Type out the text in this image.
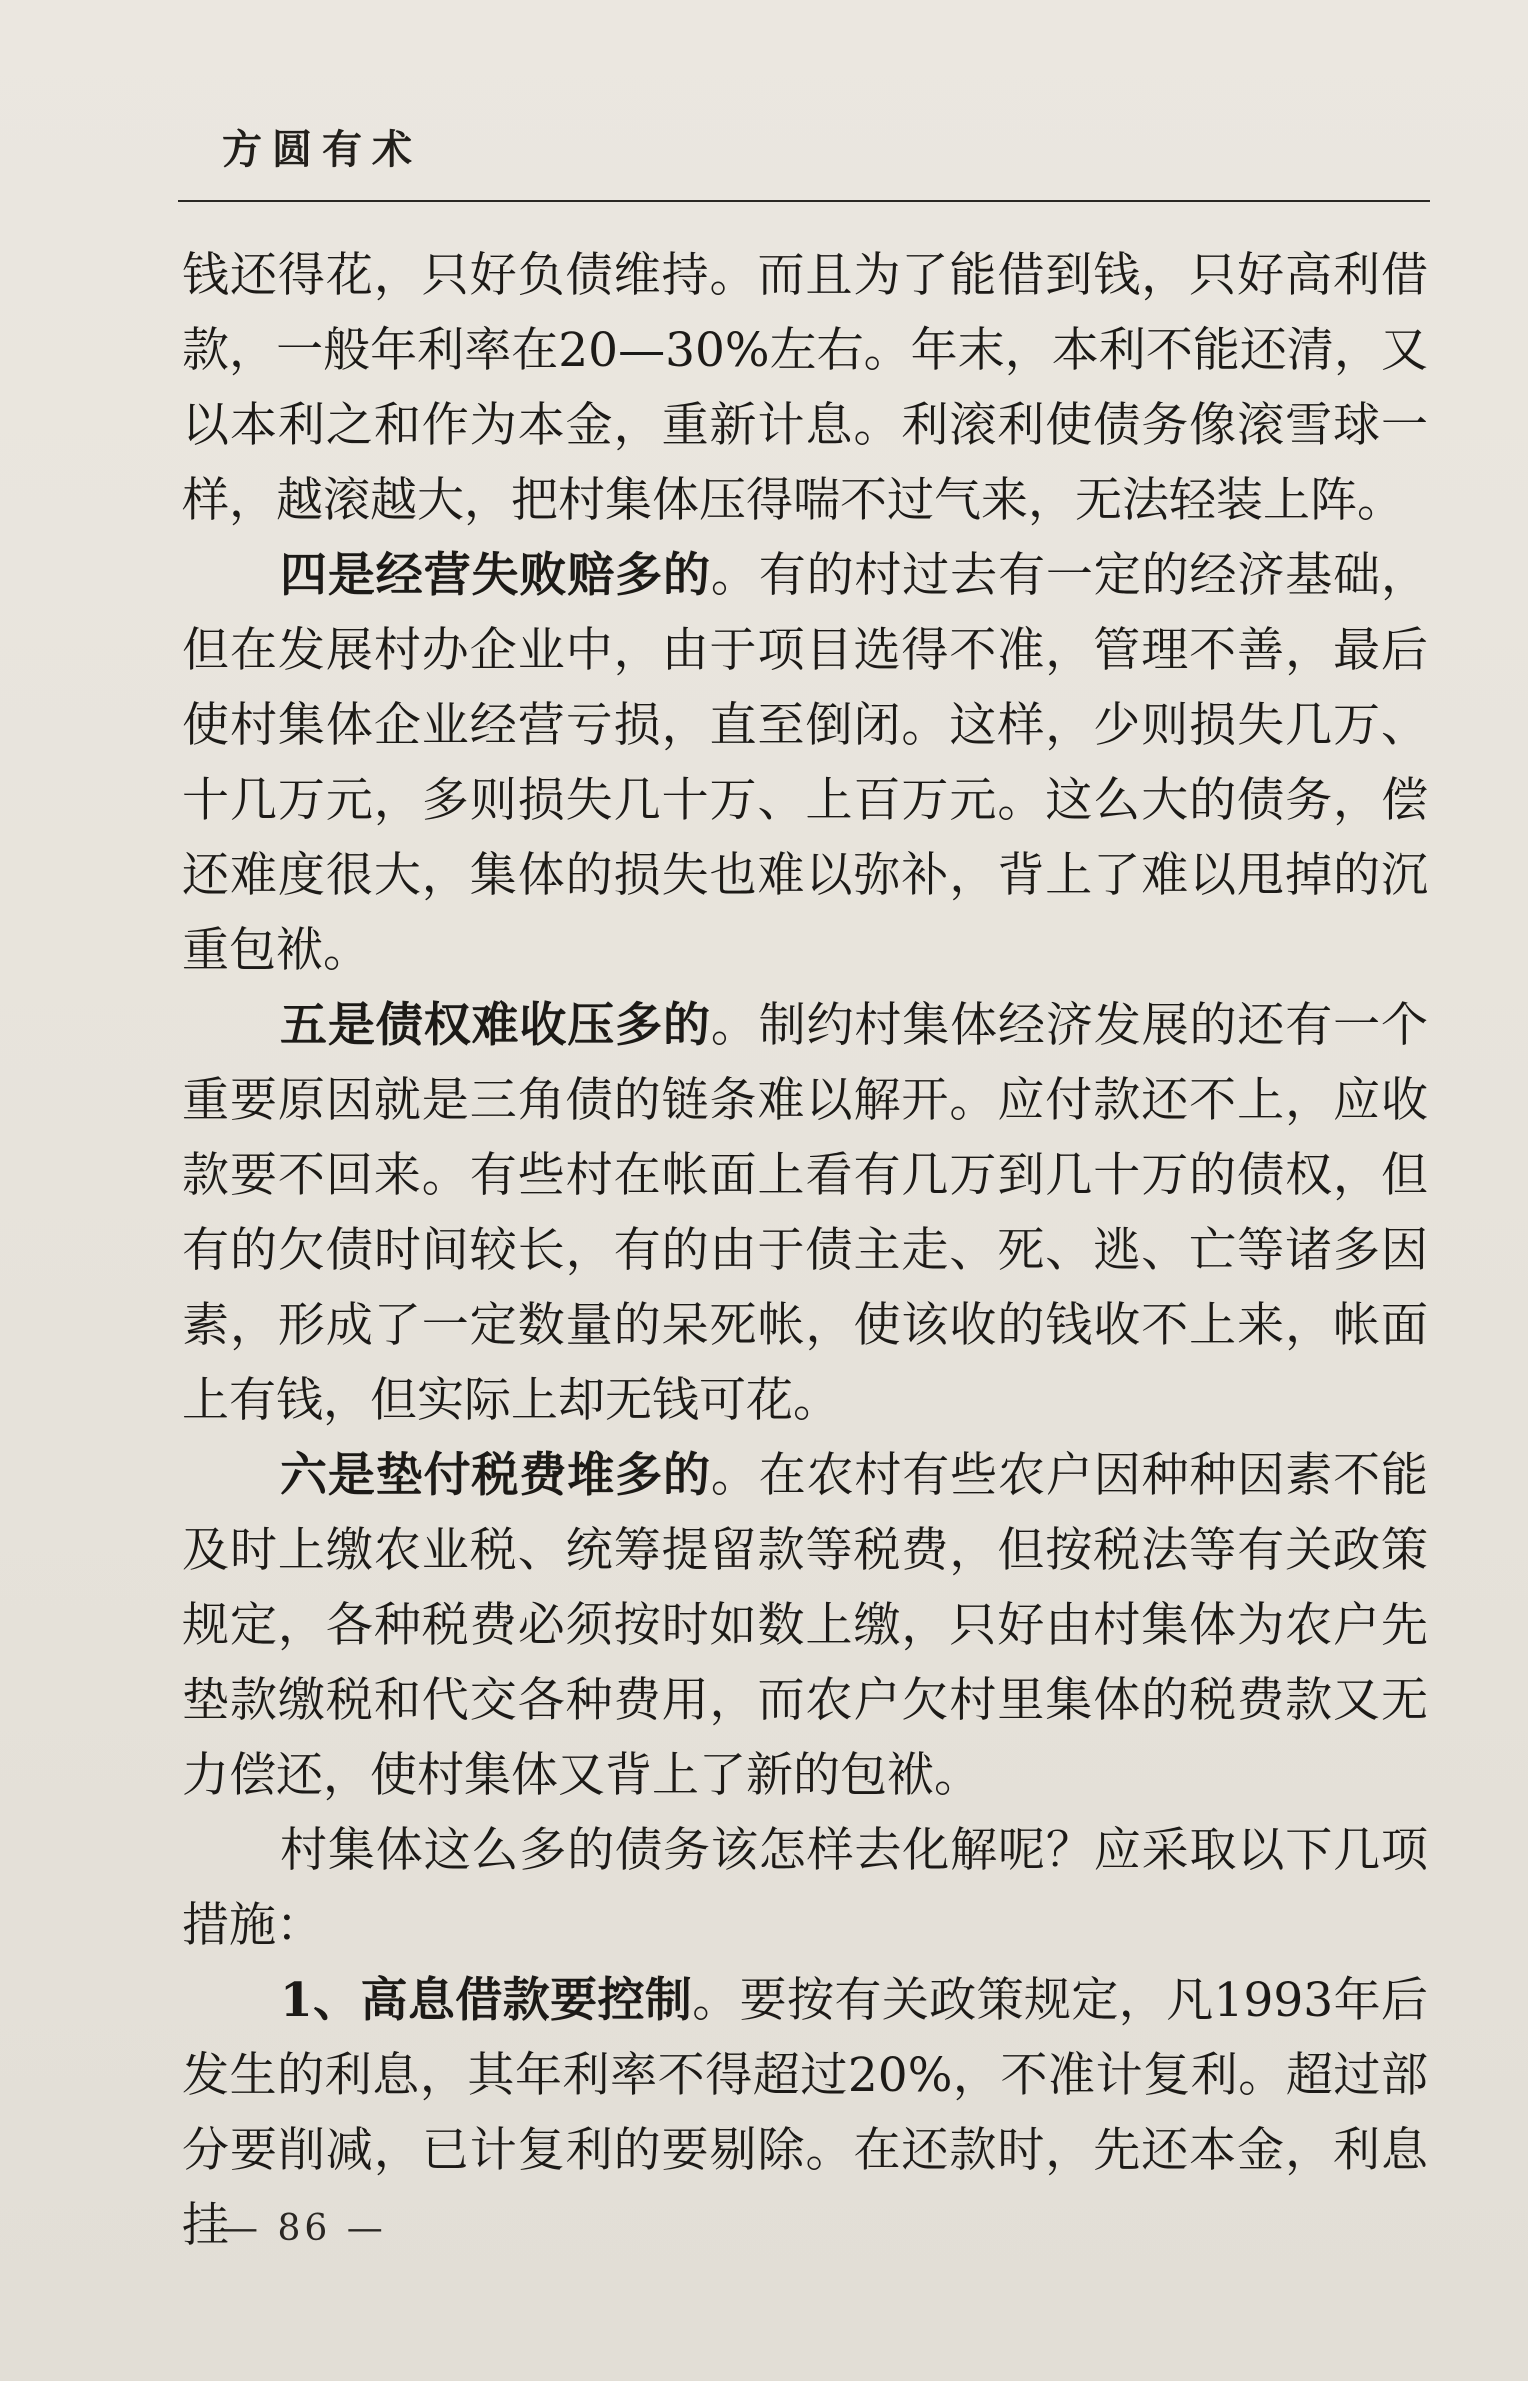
方圆有术

钱还得花，只好负债维持。而且为了能借到钱，只好高利借款，一般年利率在20—30%左右。年末，本利不能还清，又以本利之和作为本金，重新计息。利滚利使债务像滚雪球一样，越滚越大，把村集体压得喘不过气来，无法轻装上阵。

四是经营失败赔多的。有的村过去有一定的经济基础，但在发展村办企业中，由于项目选得不准，管理不善，最后使村集体企业经营亏损，直至倒闭。这样，少则损失几万、十几万元，多则损失几十万、上百万元。这么大的债务，偿还难度很大，集体的损失也难以弥补，背上了难以甩掉的沉重包袱。

五是债权难收压多的。制约村集体经济发展的还有一个重要原因就是三角债的链条难以解开。应付款还不上，应收款要不回来。有些村在帐面上看有几万到几十万的债权，但有的欠债时间较长，有的由于债主走、死、逃、亡等诸多因素，形成了一定数量的呆死帐，使该收的钱收不上来，帐面上有钱，但实际上却无钱可花。

六是垫付税费堆多的。在农村有些农户因种种因素不能及时上缴农业税、统筹提留款等税费，但按税法等有关政策规定，各种税费必须按时如数上缴，只好由村集体为农户先垫款缴税和代交各种费用，而农户欠村里集体的税费款又无力偿还，使村集体又背上了新的包袱。

村集体这么多的债务该怎样去化解呢？应采取以下几项措施：

1、高息借款要控制。要按有关政策规定，凡1993年后发生的利息，其年利率不得超过20%，不准计复利。超过部分要削减，已计复利的要剔除。在还款时，先还本金，利息挂

— 86 —
